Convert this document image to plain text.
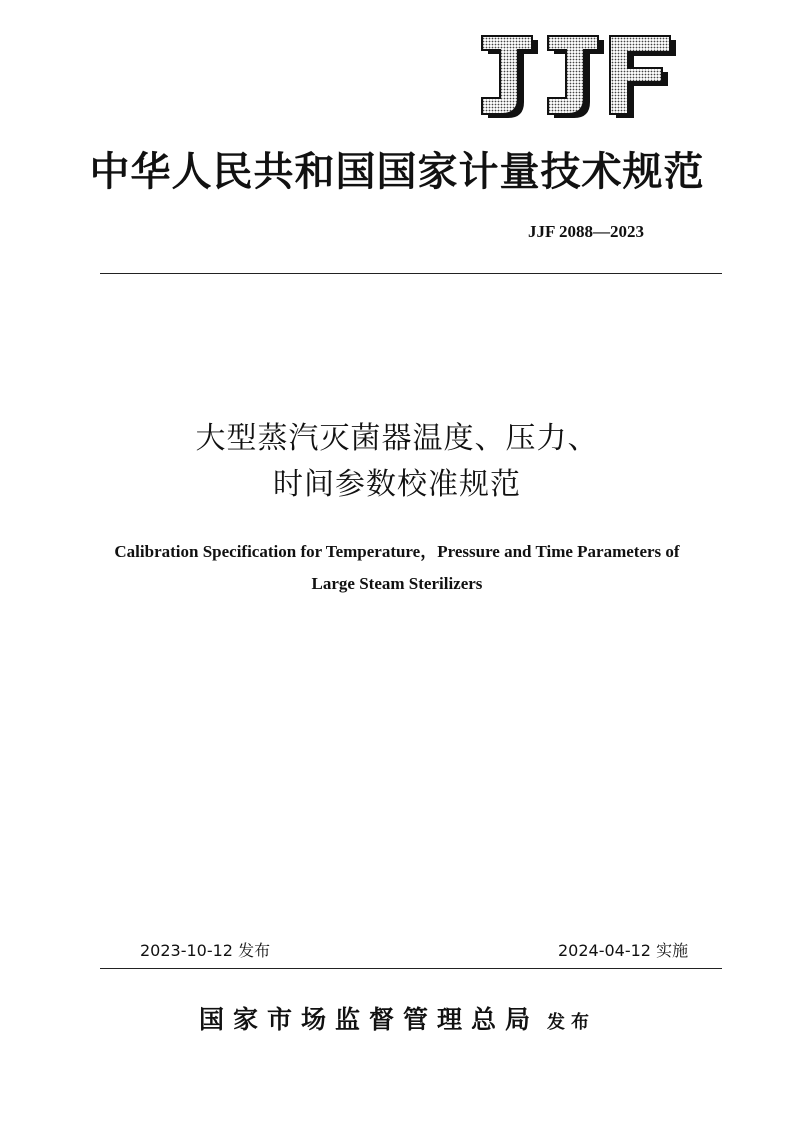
中华人民共和国国家计量技术规范
JJF 2088—2023
大型蒸汽灭菌器温度、压力、
时间参数校准规范
Calibration Specification for Temperature，Pressure and Time Parameters of
Large Steam Sterilizers
2023-10-12 发布	2024-04-12 实施
国家市场监督管理总局 发布
